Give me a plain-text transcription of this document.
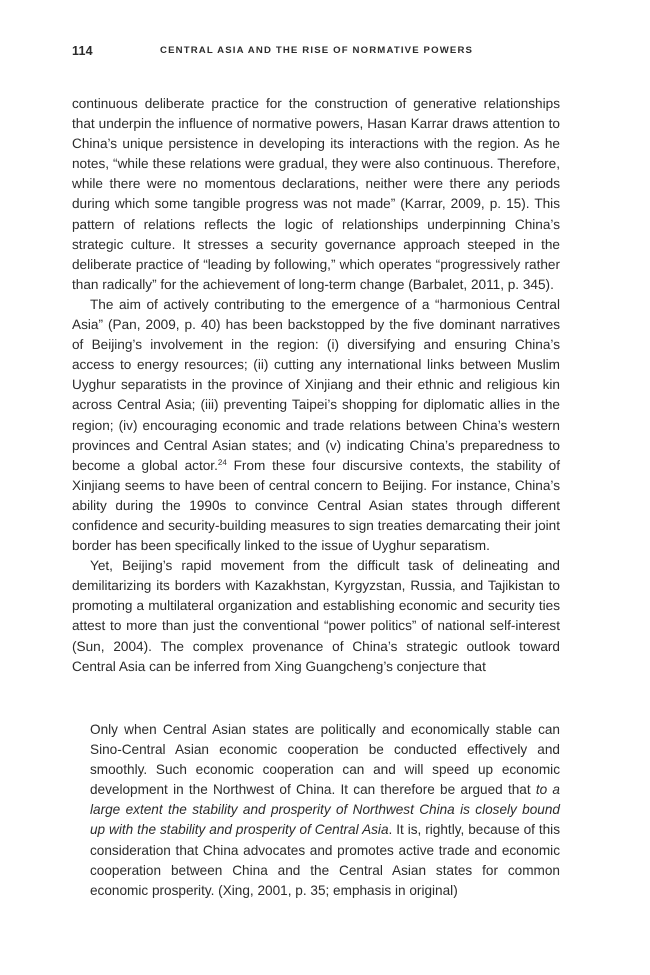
114	CENTRAL ASIA AND THE RISE OF NORMATIVE POWERS

continuous deliberate practice for the construction of generative relationships that underpin the influence of normative powers, Hasan Karrar draws attention to China’s unique persistence in developing its interactions with the region. As he notes, “while these relations were gradual, they were also continuous. Therefore, while there were no momentous declarations, neither were there any periods during which some tangible progress was not made” (Karrar, 2009, p. 15). This pattern of relations reflects the logic of relationships underpinning China’s strategic culture. It stresses a security governance approach steeped in the deliberate practice of “leading by following,” which operates “progressively rather than radically” for the achievement of long-term change (Barbalet, 2011, p. 345).

The aim of actively contributing to the emergence of a “harmonious Central Asia” (Pan, 2009, p. 40) has been backstopped by the five dominant narratives of Beijing’s involvement in the region: (i) diversifying and ensuring China’s access to energy resources; (ii) cutting any international links between Muslim Uyghur separatists in the province of Xinjiang and their ethnic and religious kin across Central Asia; (iii) preventing Taipei’s shopping for diplomatic allies in the region; (iv) encouraging economic and trade relations between China’s western provinces and Central Asian states; and (v) indicating China’s preparedness to become a global actor.$^{24}$ From these four discursive contexts, the stability of Xinjiang seems to have been of central concern to Beijing. For instance, China’s ability during the 1990s to convince Central Asian states through different confidence and security-building measures to sign treaties demarcating their joint border has been specifically linked to the issue of Uyghur separatism.

Yet, Beijing’s rapid movement from the difficult task of delineating and demilitarizing its borders with Kazakhstan, Kyrgyzstan, Russia, and Tajikistan to promoting a multilateral organization and establishing economic and security ties attest to more than just the conventional “power politics” of national self-interest (Sun, 2004). The complex provenance of China’s strategic outlook toward Central Asia can be inferred from Xing Guangcheng’s conjecture that

Only when Central Asian states are politically and economically stable can Sino-Central Asian economic cooperation be conducted effectively and smoothly. Such economic cooperation can and will speed up economic development in the Northwest of China. It can therefore be argued that to a large extent the stability and prosperity of Northwest China is closely bound up with the stability and prosperity of Central Asia. It is, rightly, because of this consideration that China advocates and promotes active trade and economic cooperation between China and the Central Asian states for common economic prosperity. (Xing, 2001, p. 35; emphasis in original)
